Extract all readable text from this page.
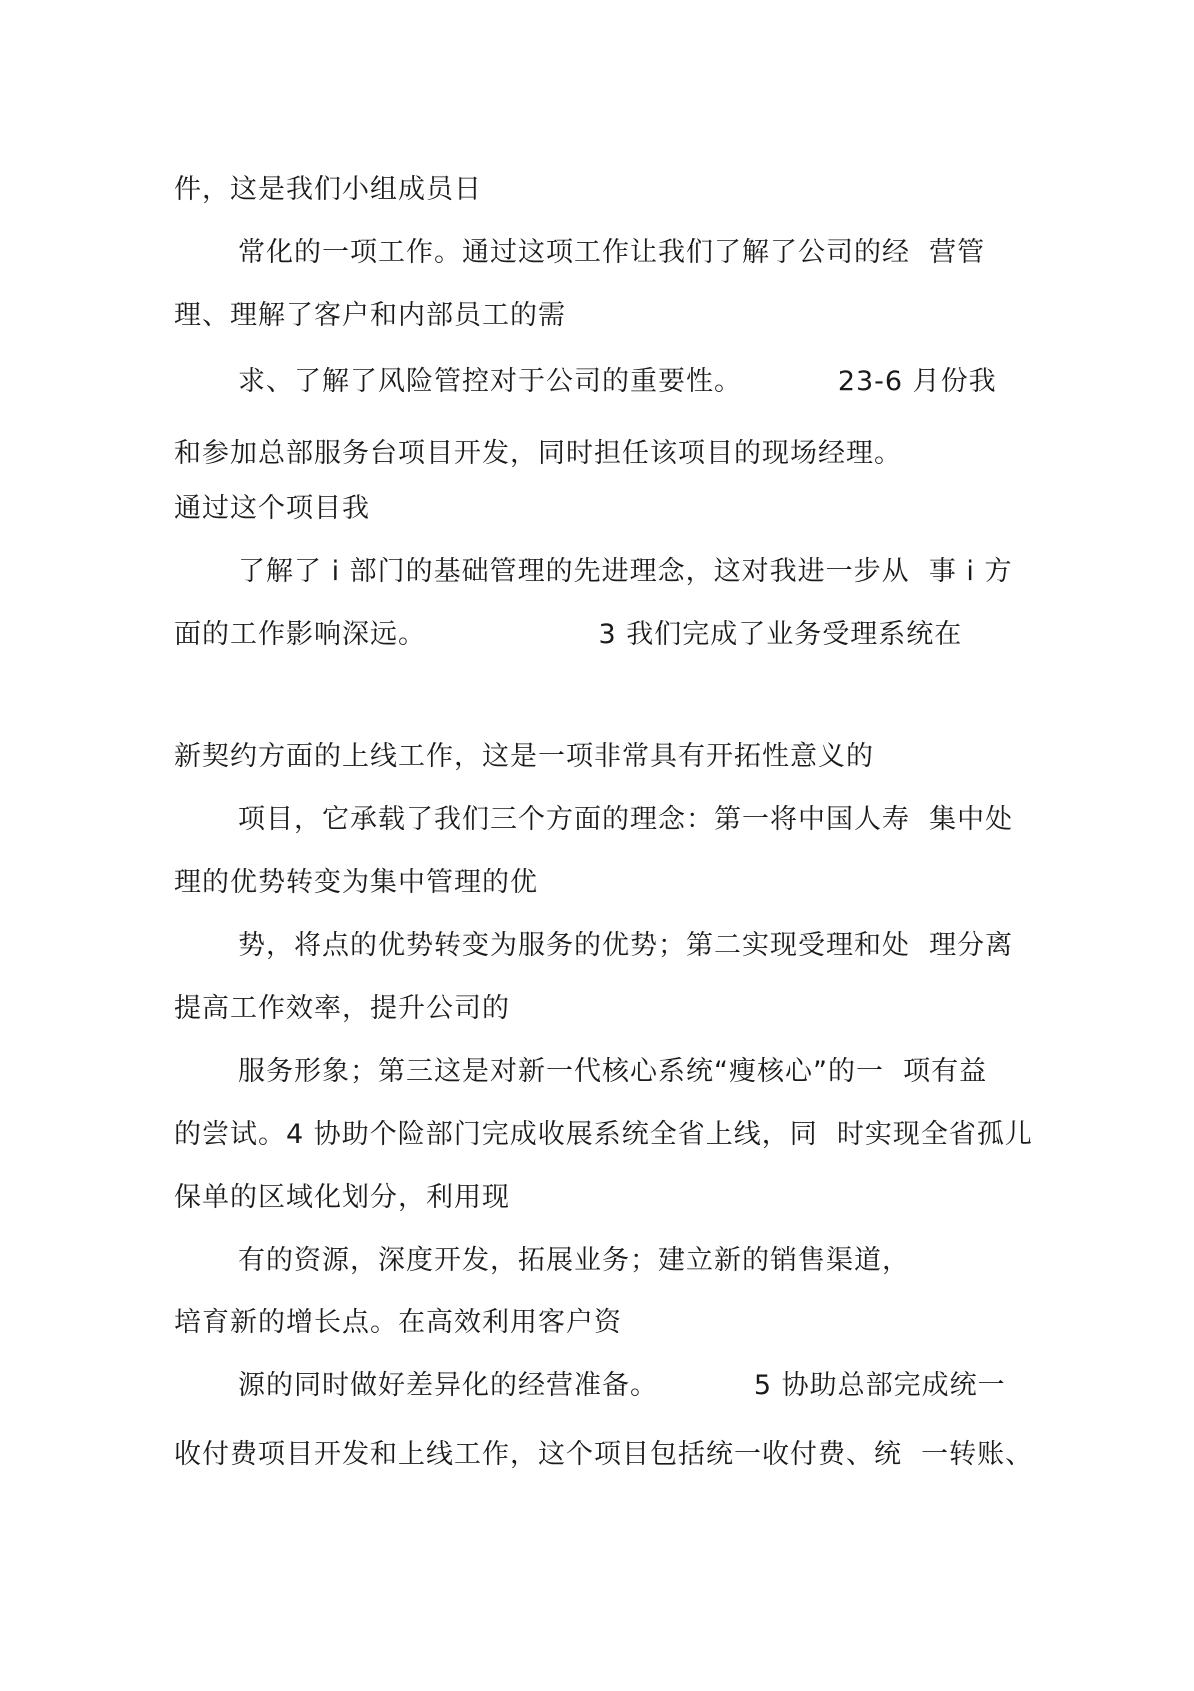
件，这是我们小组成员日
常化的一项工作。通过这项工作让我们了解了公司的经  营管
理、理解了客户和内部员工的需
求、了解了风险管控对于公司的重要性。          23-6 月份我
和参加总部服务台项目开发，同时担任该项目的现场经理。
通过这个项目我
了解了 i 部门的基础管理的先进理念，这对我进一步从  事 i 方
面的工作影响深远。                  3 我们完成了业务受理系统在
新契约方面的上线工作，这是一项非常具有开拓性意义的
项目，它承载了我们三个方面的理念：第一将中国人寿  集中处
理的优势转变为集中管理的优
势，将点的优势转变为服务的优势；第二实现受理和处  理分离
提高工作效率，提升公司的
服务形象；第三这是对新一代核心系统“瘦核心”的一  项有益
的尝试。4 协助个险部门完成收展系统全省上线，同  时实现全省孤儿
保单的区域化划分，利用现
有的资源，深度开发，拓展业务；建立新的销售渠道，
培育新的增长点。在高效利用客户资
源的同时做好差异化的经营准备。          5 协助总部完成统一
收付费项目开发和上线工作，这个项目包括统一收付费、统  一转账、
